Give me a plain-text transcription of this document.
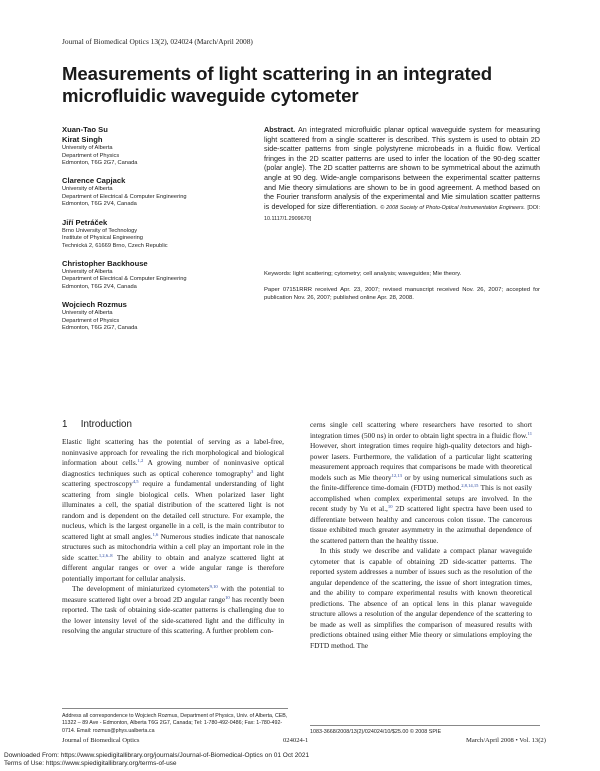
Journal of Biomedical Optics 13(2), 024024 (March/April 2008)
Measurements of light scattering in an integrated microfluidic waveguide cytometer
Xuan-Tao Su
Kirat Singh
University of Alberta
Department of Physics
Edmonton, T6G 2G7, Canada
Clarence Capjack
University of Alberta
Department of Electrical & Computer Engineering
Edmonton, T6G 2V4, Canada
Jiří Petráček
Brno University of Technology
Institute of Physical Engineering
Technická 2, 61669 Brno, Czech Republic
Christopher Backhouse
University of Alberta
Department of Electrical & Computer Engineering
Edmonton, T6G 2V4, Canada
Wojciech Rozmus
University of Alberta
Department of Physics
Edmonton, T6G 2G7, Canada
Abstract. An integrated microfluidic planar optical waveguide system for measuring light scattered from a single scatterer is described. This system is used to obtain 2D side-scatter patterns from single polystyrene microbeads in a fluidic flow. Vertical fringes in the 2D scatter patterns are used to infer the location of the 90-deg scatter (polar angle). The 2D scatter patterns are shown to be symmetrical about the azimuth angle at 90 deg. Wide-angle comparisons between the experimental scatter patterns and Mie theory simulations are shown to be in good agreement. A method based on the Fourier transform analysis of the experimental and Mie simulation scatter patterns is developed for size differentiation. © 2008 Society of Photo-Optical Instrumentation Engineers. [DOI: 10.1117/1.2909670]
Keywords: light scattering; cytometry; cell analysis; waveguides; Mie theory.
Paper 07151RRR received Apr. 23, 2007; revised manuscript received Nov. 26, 2007; accepted for publication Nov. 26, 2007; published online Apr. 28, 2008.
1 Introduction

Elastic light scattering has the potential of serving as a label-free, noninvasive approach for revealing the rich morphological and biological information about cells.$^{1,2}$ A growing number of noninvasive optical diagnostics techniques such as optical coherence tomography$^3$ and light scattering spectroscopy$^{4,5}$ require a fundamental understanding of light scattering from single biological cells. When polarized laser light illuminates a cell, the spatial distribution of the scattered light is not random and is dependent on the detailed cell structure. For example, the nucleus, which is the largest organelle in a cell, is the main contributor to scattered light at small angles.$^{1,6}$ Numerous studies indicate that nanoscale structures such as mitochondria within a cell play an important role in the side scatter.$^{1,2,6-8}$ The ability to obtain and analyze scattered light at different angular ranges or over a wide angular range is therefore potentially important for cellular analysis.

The development of miniaturized cytometers$^{9,10}$ with the potential to measure scattered light over a broad 2D angular range$^{10}$ has recently been reported. The task of obtaining side-scatter patterns is challenging due to the lower intensity level of the side-scattered light and the difficulty in resolving the angular structure of this scattering. A further problem con-

cerns single cell scattering where researchers have resorted to short integration times (500 ns) in order to obtain light spectra in a fluidic flow.$^{11}$ However, short integration times require high-quality detectors and high-power lasers. Furthermore, the validation of a particular light scattering measurement approach requires that comparisons be made with theoretical models such as Mie theory$^{12,13}$ or by using numerical simulations such as the finite-difference time-domain (FDTD) method.$^{2,8,14,15}$ This is not easily accomplished when complex experimental setups are involved. In the recent study by Yu et al.,$^{10}$ 2D scattered light spectra have been used to differentiate between healthy and cancerous colon tissue. The cancerous tissue exhibited much greater asymmetry in the azimuthal dependence of the scattered pattern than the healthy tissue.

In this study we describe and validate a compact planar waveguide cytometer that is capable of obtaining 2D side-scatter patterns. The reported system addresses a number of issues such as the resolution of the angular dependence of the scattering, the issue of short integration times, and the ability to compare experimental results with known theoretical predictions. The absence of an optical lens in this planar waveguide structure allows a resolution of the angular dependence of the scattering to be made as well as simplifies the comparison of measured results with predictions obtained using either Mie theory or simulations employing the FDTD method. The

Address all correspondence to Wojciech Rozmus, Department of Physics, Univ. of Alberta, CEB, 11322 – 89 Ave - Edmonton, Alberta T6G 2G7, Canada; Tel: 1-780-492-0486; Fax: 1-780-492-0714. Email: rozmus@phys.ualberta.ca	1083-3668/2008/13(2)/024024/10/$25.00 © 2008 SPIE
Journal of Biomedical Optics	024024-1	March/April 2008 • Vol. 13(2)
Downloaded From: https://www.spiedigitallibrary.org/journals/Journal-of-Biomedical-Optics on 01 Oct 2021
Terms of Use: https://www.spiedigitallibrary.org/terms-of-use
